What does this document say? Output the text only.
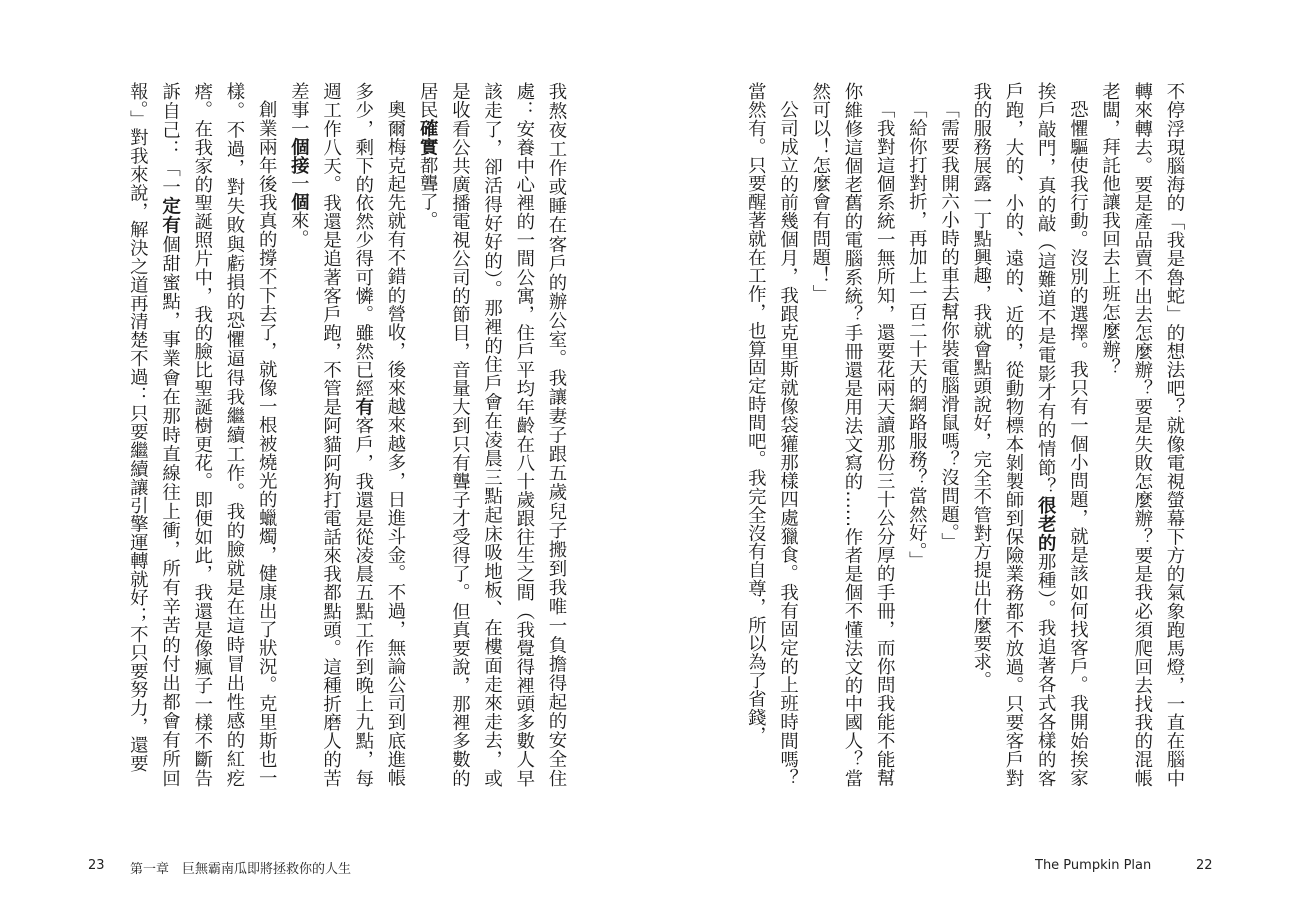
我熬夜工作或睡在客戶的辦公室。我讓妻子跟五歲兒子搬到我唯一負擔得起的安全住處：安養中心裡的一間公寓，住戶平均年齡在八十歲跟往生之間（我覺得裡頭多數人早該走了，卻活得好好的）。那裡的住戶會在凌晨三點起床吸地板、在樓面走來走去，或是收看公共廣播電視公司的節目，音量大到只有聾子才受得了。但真要說，那裡多數的居民確實都聾了。

奧爾梅克起先就有不錯的營收，後來越來越多，日進斗金。不過，無論公司到底進帳多少，剩下的依然少得可憐。雖然已經有客戶，我還是從凌晨五點工作到晚上九點，每週工作八天。我還是追著客戶跑，不管是阿貓阿狗打電話來我都點頭。這種折磨人的苦差事一個接一個來。

創業兩年後我真的撐不下去了，就像一根被燒光的蠟燭，健康出了狀況。克里斯也一樣。不過，對失敗與虧損的恐懼逼得我繼續工作。我的臉就是在這時冒出性感的紅疙瘩。在我家的聖誕照片中，我的臉比聖誕樹更花。即便如此，我還是像瘋子一樣不斷告訴自己：「一定有個甜蜜點，事業會在那時直線往上衝，所有辛苦的付出都會有所回報。」對我來說，解決之道再清楚不過：只要繼續讓引擎運轉就好；不只要努力，還要

23 第一章　巨無霸南瓜即將拯救你的人生

不停浮現腦海的「我是魯蛇」的想法吧？就像電視螢幕下方的氣象跑馬燈，一直在腦中轉來轉去。要是產品賣不出去怎麼辦？要是失敗怎麼辦？要是我必須爬回去找我的混帳老闆，拜託他讓我回去上班怎麼辦？

恐懼驅使我行動。沒別的選擇。我只有一個小問題，就是該如何找客戶。我開始挨家挨戶敲門，真的敲（這難道不是電影才有的情節？很老的那種）。我追著各式各樣的客戶跑，大的、小的、遠的、近的，從動物標本剝製師到保險業務都不放過。只要客戶對我的服務展露一丁點興趣，我就會點頭說好，完全不管對方提出什麼要求。

「需要我開六小時的車去幫你裝電腦滑鼠嗎？沒問題。」

「給你打對折，再加上一百二十天的網路服務？當然好。」

「我對這個系統一無所知，還要花兩天讀那份三十公分厚的手冊，而你問我能不能幫你維修這個老舊的電腦系統？手冊還是用法文寫的……作者是個不懂法文的中國人？當然可以！怎麼會有問題！」

公司成立的前幾個月，我跟克里斯就像袋獾那樣四處獵食。我有固定的上班時間嗎？當然有。只要醒著就在工作，也算固定時間吧。我完全沒有自尊，所以為了省錢，

The Pumpkin Plan	22
